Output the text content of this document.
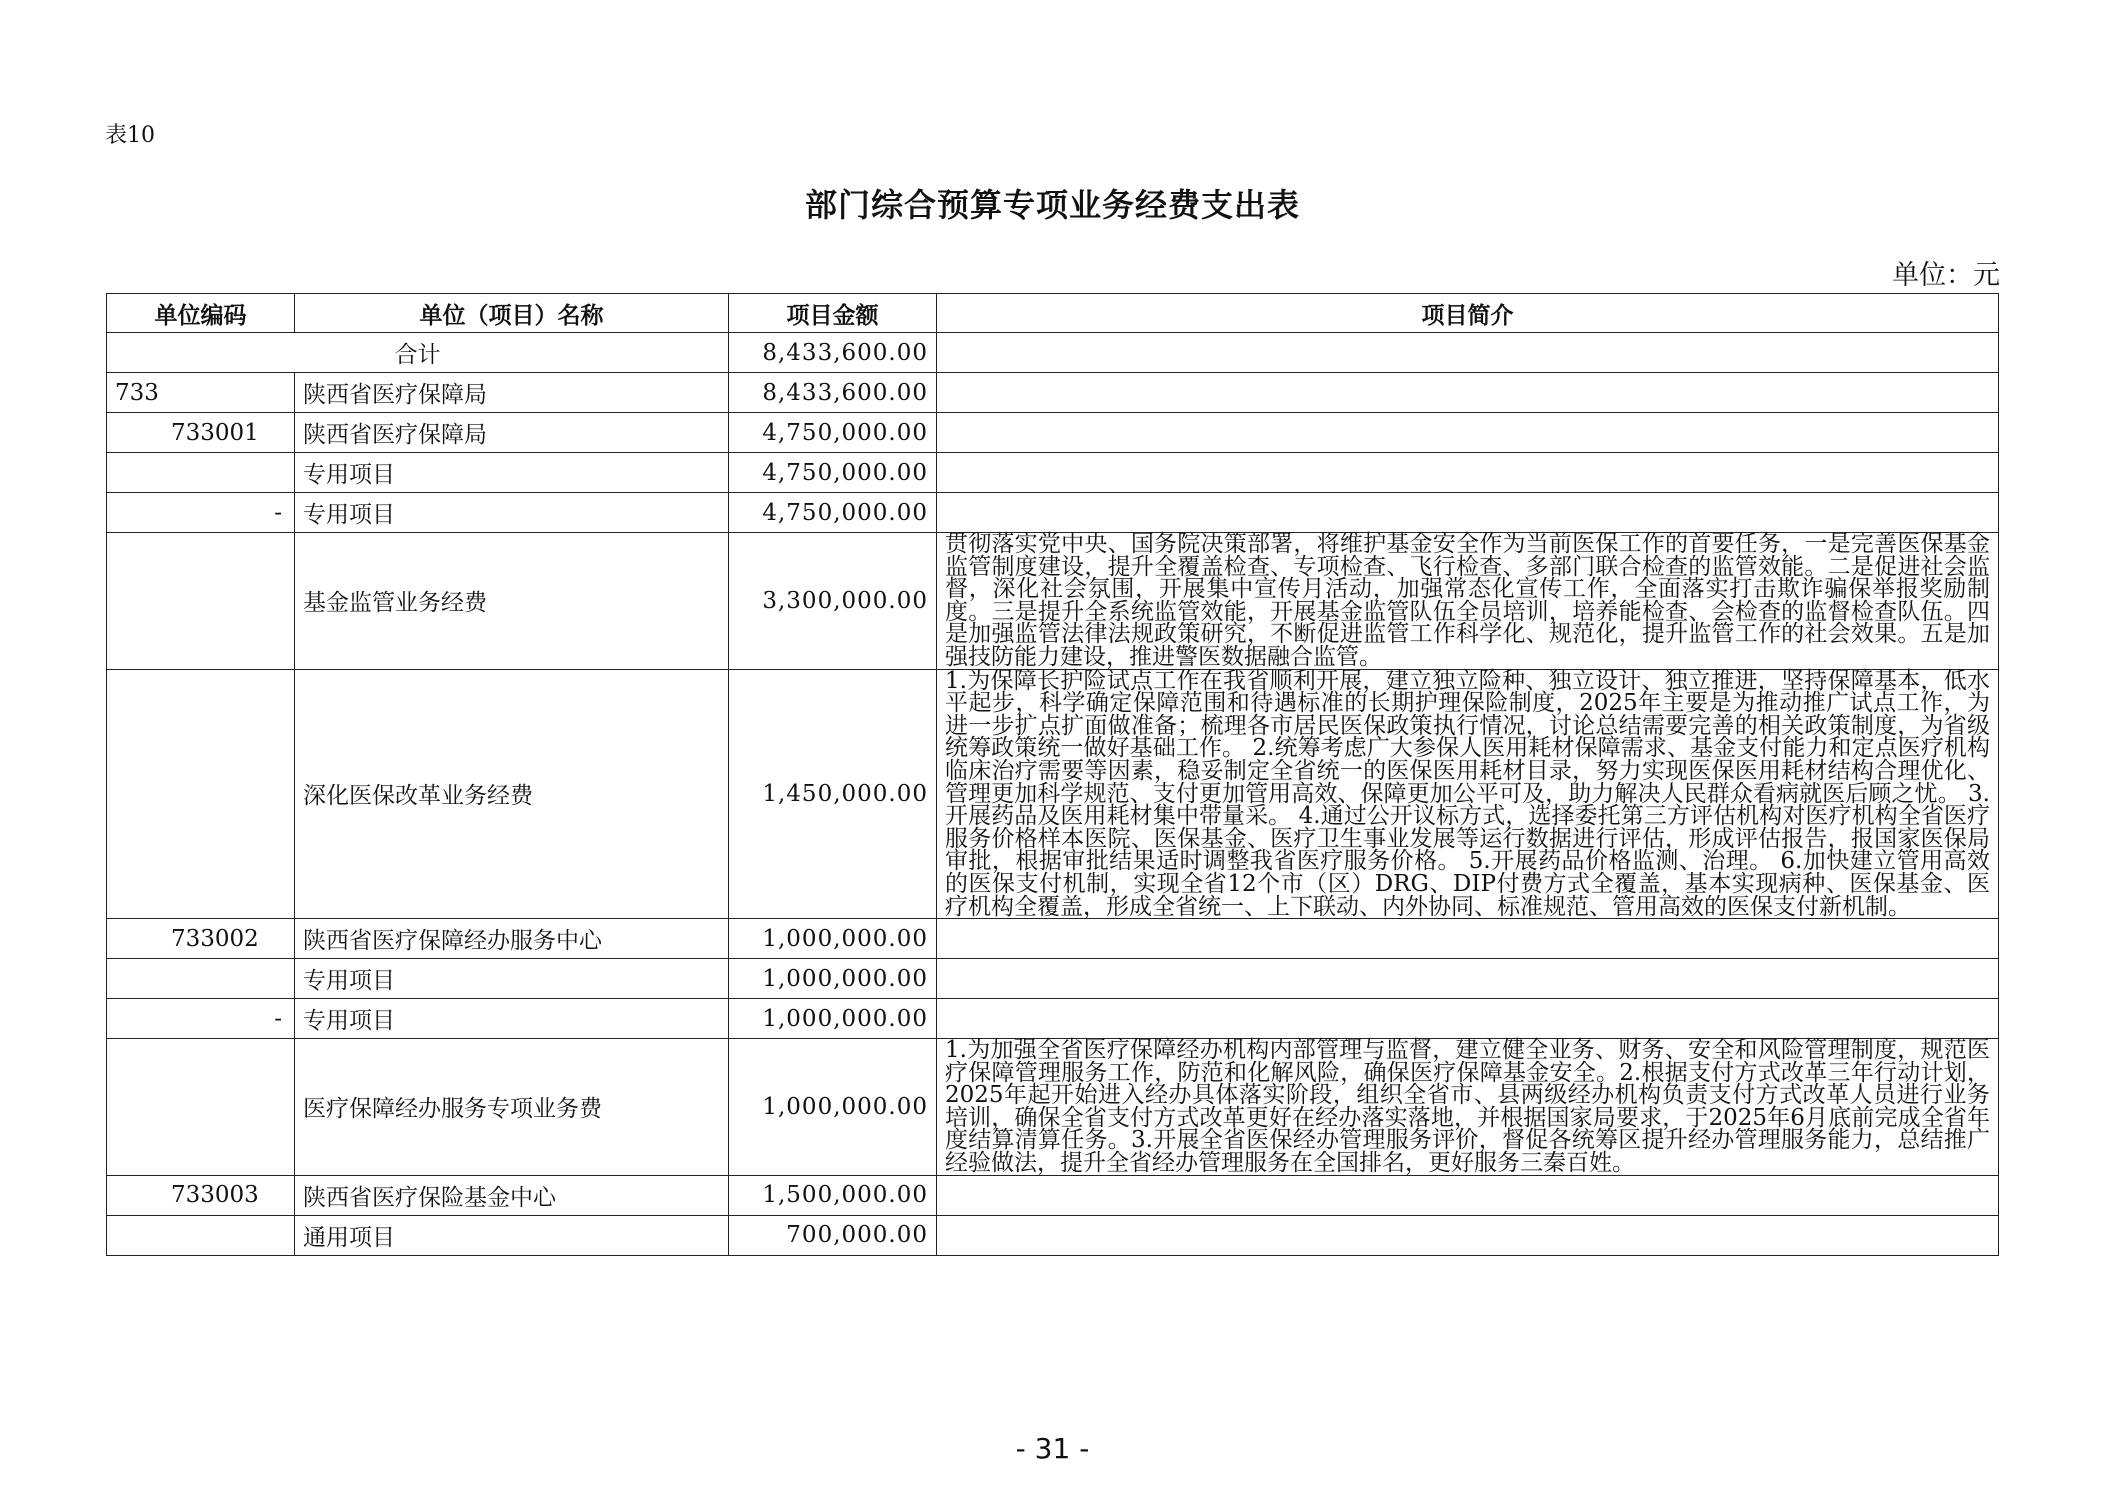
表10
部门综合预算专项业务经费支出表
单位：元
单位编码	单位（项目）名称	项目金额	项目简介
合计		8,433,600.00	
733	陕西省医疗保障局	8,433,600.00	
733001	陕西省医疗保障局	4,750,000.00	
	专用项目	4,750,000.00	
-	专用项目	4,750,000.00	
	基金监管业务经费	3,300,000.00	贯彻落实党中央、国务院决策部署，将维护基金安全作为当前医保工作的首要任务，一是完善医保基金监管制度建设，提升全覆盖检查、专项检查、飞行检查、多部门联合检查的监管效能。二是促进社会监督，深化社会氛围，开展集中宣传月活动，加强常态化宣传工作，全面落实打击欺诈骗保举报奖励制度。三是提升全系统监管效能，开展基金监管队伍全员培训，培养能检查、会检查的监督检查队伍。四是加强监管法律法规政策研究，不断促进监管工作科学化、规范化，提升监管工作的社会效果。五是加强技防能力建设，推进警医数据融合监管。
	深化医保改革业务经费	1,450,000.00	1.为保障长护险试点工作在我省顺利开展，建立独立险种、独立设计、独立推进，坚持保障基本，低水平起步，科学确定保障范围和待遇标准的长期护理保险制度，2025年主要是为推动推广试点工作，为进一步扩点扩面做准备；梳理各市居民医保政策执行情况，讨论总结需要完善的相关政策制度，为省级统筹政策统一做好基础工作。 2.统筹考虑广大参保人医用耗材保障需求、基金支付能力和定点医疗机构临床治疗需要等因素，稳妥制定全省统一的医保医用耗材目录，努力实现医保医用耗材结构合理优化、管理更加科学规范、支付更加管用高效、保障更加公平可及，助力解决人民群众看病就医后顾之忧。 3.开展药品及医用耗材集中带量采。 4.通过公开议标方式，选择委托第三方评估机构对医疗机构全省医疗服务价格样本医院、医保基金、医疗卫生事业发展等运行数据进行评估，形成评估报告，报国家医保局审批，根据审批结果适时调整我省医疗服务价格。 5.开展药品价格监测、治理。 6.加快建立管用高效的医保支付机制，实现全省12个市（区）DRG、DIP付费方式全覆盖，基本实现病种、医保基金、医疗机构全覆盖，形成全省统一、上下联动、内外协同、标准规范、管用高效的医保支付新机制。
733002	陕西省医疗保障经办服务中心	1,000,000.00	
	专用项目	1,000,000.00	
-	专用项目	1,000,000.00	
	医疗保障经办服务专项业务费	1,000,000.00	1.为加强全省医疗保障经办机构内部管理与监督，建立健全业务、财务、安全和风险管理制度，规范医疗保障管理服务工作，防范和化解风险，确保医疗保障基金安全。2.根据支付方式改革三年行动计划，2025年起开始进入经办具体落实阶段，组织全省市、县两级经办机构负责支付方式改革人员进行业务培训，确保全省支付方式改革更好在经办落实落地，并根据国家局要求，于2025年6月底前完成全省年度结算清算任务。3.开展全省医保经办管理服务评价，督促各统筹区提升经办管理服务能力，总结推广经验做法，提升全省经办管理服务在全国排名，更好服务三秦百姓。
733003	陕西省医疗保险基金中心	1,500,000.00	
	通用项目	700,000.00	
- 31 -
